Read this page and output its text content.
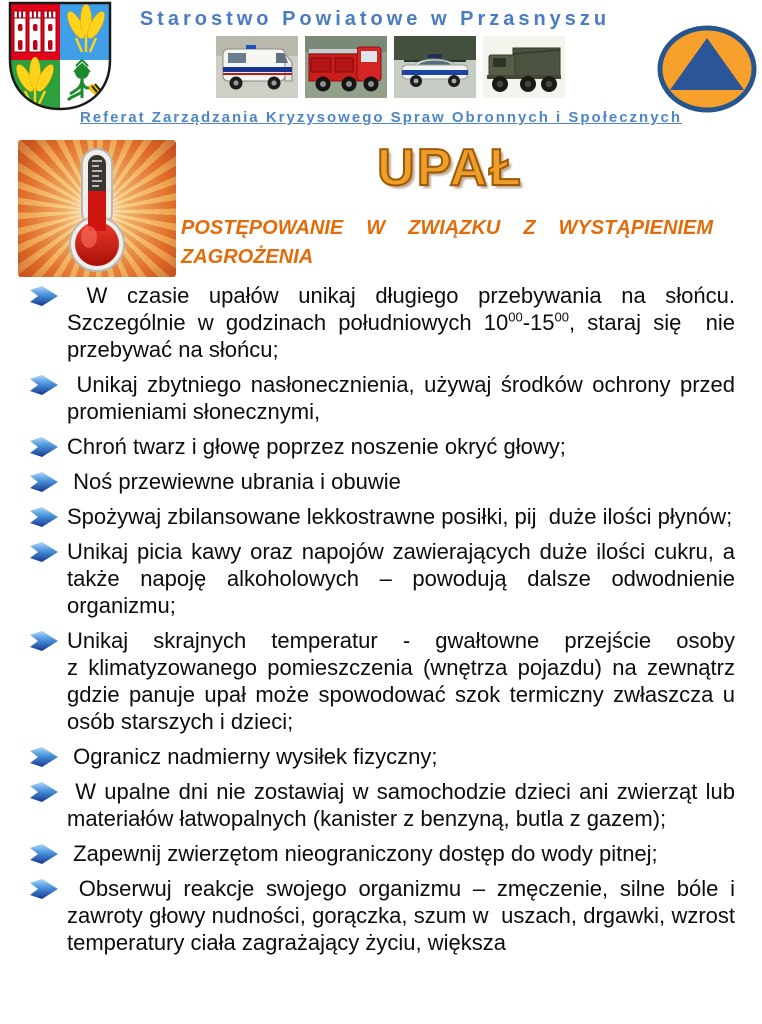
Starostwo Powiatowe w Przasnyszu
Referat Zarządzania Kryzysowego Spraw Obronnych i Społecznych
UPAŁ
POSTĘPOWANIE W ZWIĄZKU Z WYSTĄPIENIEM ZAGROŻENIA
W czasie upałów unikaj długiego przebywania na słońcu. Szczególnie w godzinach południowych $10^{00}-15^{00}$, staraj się  nie przebywać na słońcu;
Unikaj zbytniego nasłonecznienia, używaj środków ochrony przed promieniami słonecznymi,
Chroń twarz i głowę poprzez noszenie okryć głowy;
Noś przewiewne ubrania i obuwie
Spożywaj zbilansowane lekkostrawne posiłki, pij  duże ilości płynów;
Unikaj picia kawy oraz napojów zawierających duże ilości cukru, a także napoję alkoholowych – powodują dalsze odwodnienie organizmu;
Unikaj skrajnych temperatur - gwałtowne przejście osoby z klimatyzowanego pomieszczenia (wnętrza pojazdu) na zewnątrz gdzie panuje upał może spowodować szok termiczny zwłaszcza u osób starszych i dzieci;
Ogranicz nadmierny wysiłek fizyczny;
W upalne dni nie zostawiaj w samochodzie dzieci ani zwierząt lub materiałów łatwopalnych (kanister z benzyną, butla z gazem);
Zapewnij zwierzętom nieograniczony dostęp do wody pitnej;
Obserwuj reakcje swojego organizmu – zmęczenie, silne bóle i zawroty głowy nudności, gorączka, szum w  uszach, drgawki, wzrost temperatury ciała zagrażający życiu, większa
